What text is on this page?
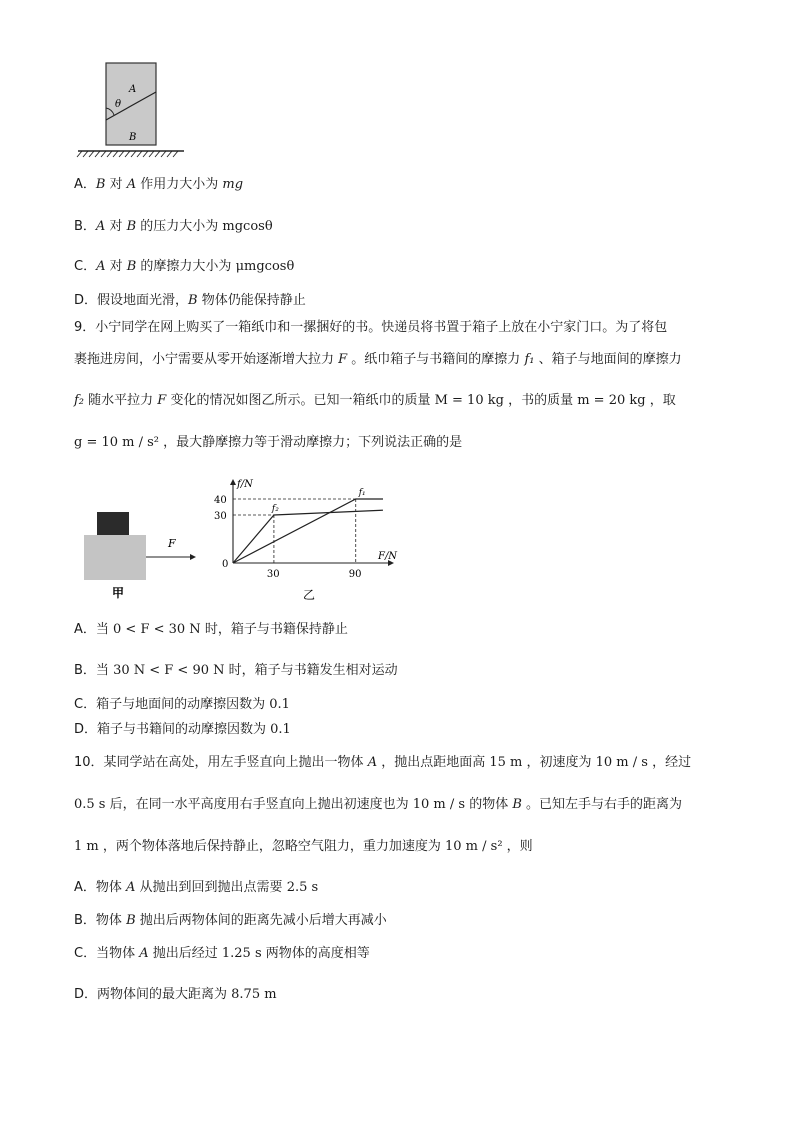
θ
A
B
A．B 对 A 作用力大小为 mg
B．A 对 B 的压力大小为 mgcosθ
C．A 对 B 的摩擦力大小为 μmgcosθ
D．假设地面光滑，B 物体仍能保持静止
9．小宁同学在网上购买了一箱纸巾和一摞捆好的书。快递员将书置于箱子上放在小宁家门口。为了将包
裹拖进房间，小宁需要从零开始逐渐增大拉力 F 。纸巾箱子与书籍间的摩擦力 f₁ 、箱子与地面间的摩擦力
f₂ 随水平拉力 F 变化的情况如图乙所示。已知一箱纸巾的质量 M = 10 kg ，书的质量 m = 20 kg ，取
g = 10 m / s² ，最大静摩擦力等于滑动摩擦力；下列说法正确的是
F
甲
f/N
F/N
0
30	90
30
40
f₁
f₂
乙
A．当 0 < F < 30 N 时，箱子与书籍保持静止
B．当 30 N < F < 90 N 时，箱子与书籍发生相对运动
C．箱子与地面间的动摩擦因数为 0.1
D．箱子与书籍间的动摩擦因数为 0.1
10．某同学站在高处，用左手竖直向上抛出一物体 A ，抛出点距地面高 15 m ，初速度为 10 m / s ，经过
0.5 s 后，在同一水平高度用右手竖直向上抛出初速度也为 10 m / s 的物体 B 。已知左手与右手的距离为
1 m ，两个物体落地后保持静止，忽略空气阻力，重力加速度为 10 m / s² ，则
A．物体 A 从抛出到回到抛出点需要 2.5 s
B．物体 B 抛出后两物体间的距离先减小后增大再减小
C．当物体 A 抛出后经过 1.25 s 两物体的高度相等
D．两物体间的最大距离为 8.75 m
